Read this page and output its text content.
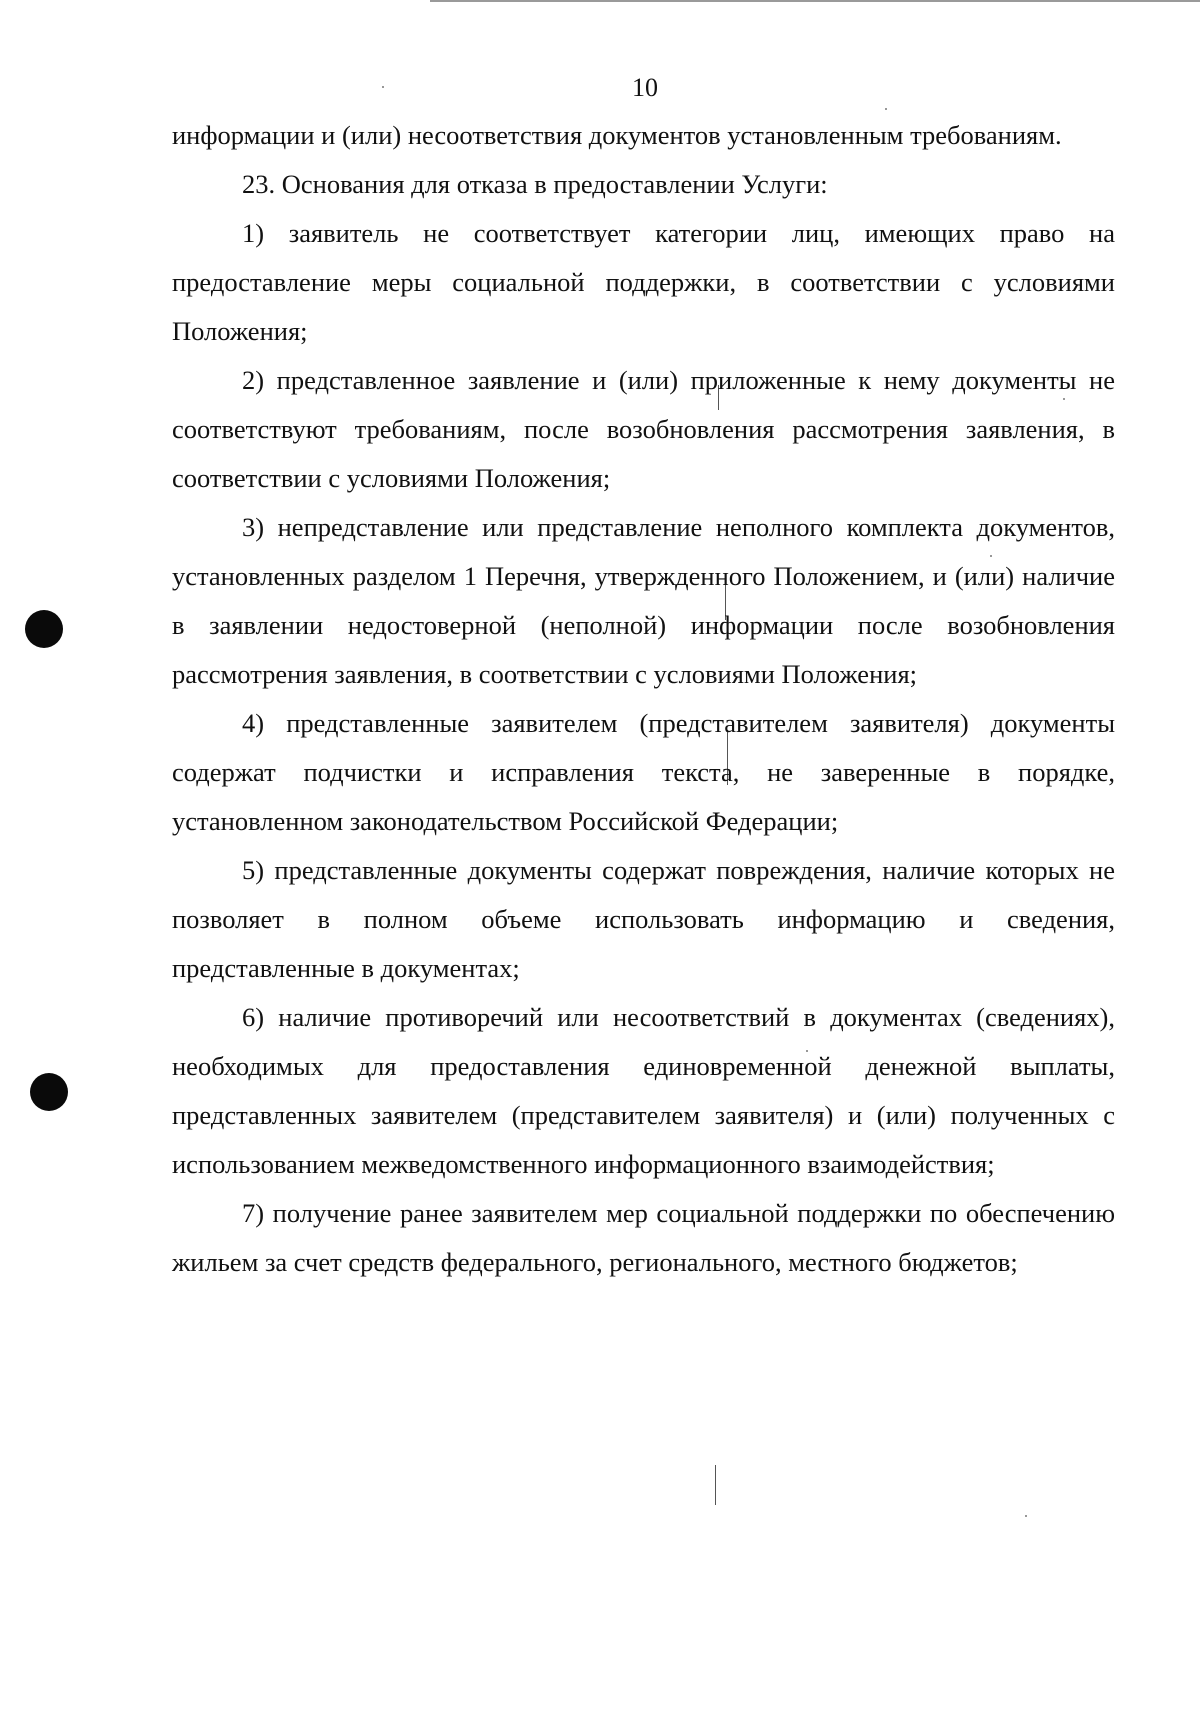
10

информации и (или) несоответствия документов установленным требованиям.

23. Основания для отказа в предоставлении Услуги:

1) заявитель не соответствует категории лиц, имеющих право на предоставление меры социальной поддержки, в соответствии с условиями Положения;

2) представленное заявление и (или) приложенные к нему документы не соответствуют требованиям, после возобновления рассмотрения заявления, в соответствии с условиями Положения;

3) непредставление или представление неполного комплекта документов, установленных разделом 1 Перечня, утвержденного Положением, и (или) наличие в заявлении недостоверной (неполной) информации после возобновления рассмотрения заявления, в соответствии с условиями Положения;

4) представленные заявителем (представителем заявителя) документы содержат подчистки и исправления текста, не заверенные в порядке, установленном законодательством Российской Федерации;

5) представленные документы содержат повреждения, наличие которых не позволяет в полном объеме использовать информацию и сведения, представленные в документах;

6) наличие противоречий или несоответствий в документах (сведениях), необходимых для предоставления единовременной денежной выплаты, представленных заявителем (представителем заявителя) и (или) полученных с использованием межведомственного информационного взаимодействия;

7) получение ранее заявителем мер социальной поддержки по обеспечению жильем за счет средств федерального, регионального, местного бюджетов;
